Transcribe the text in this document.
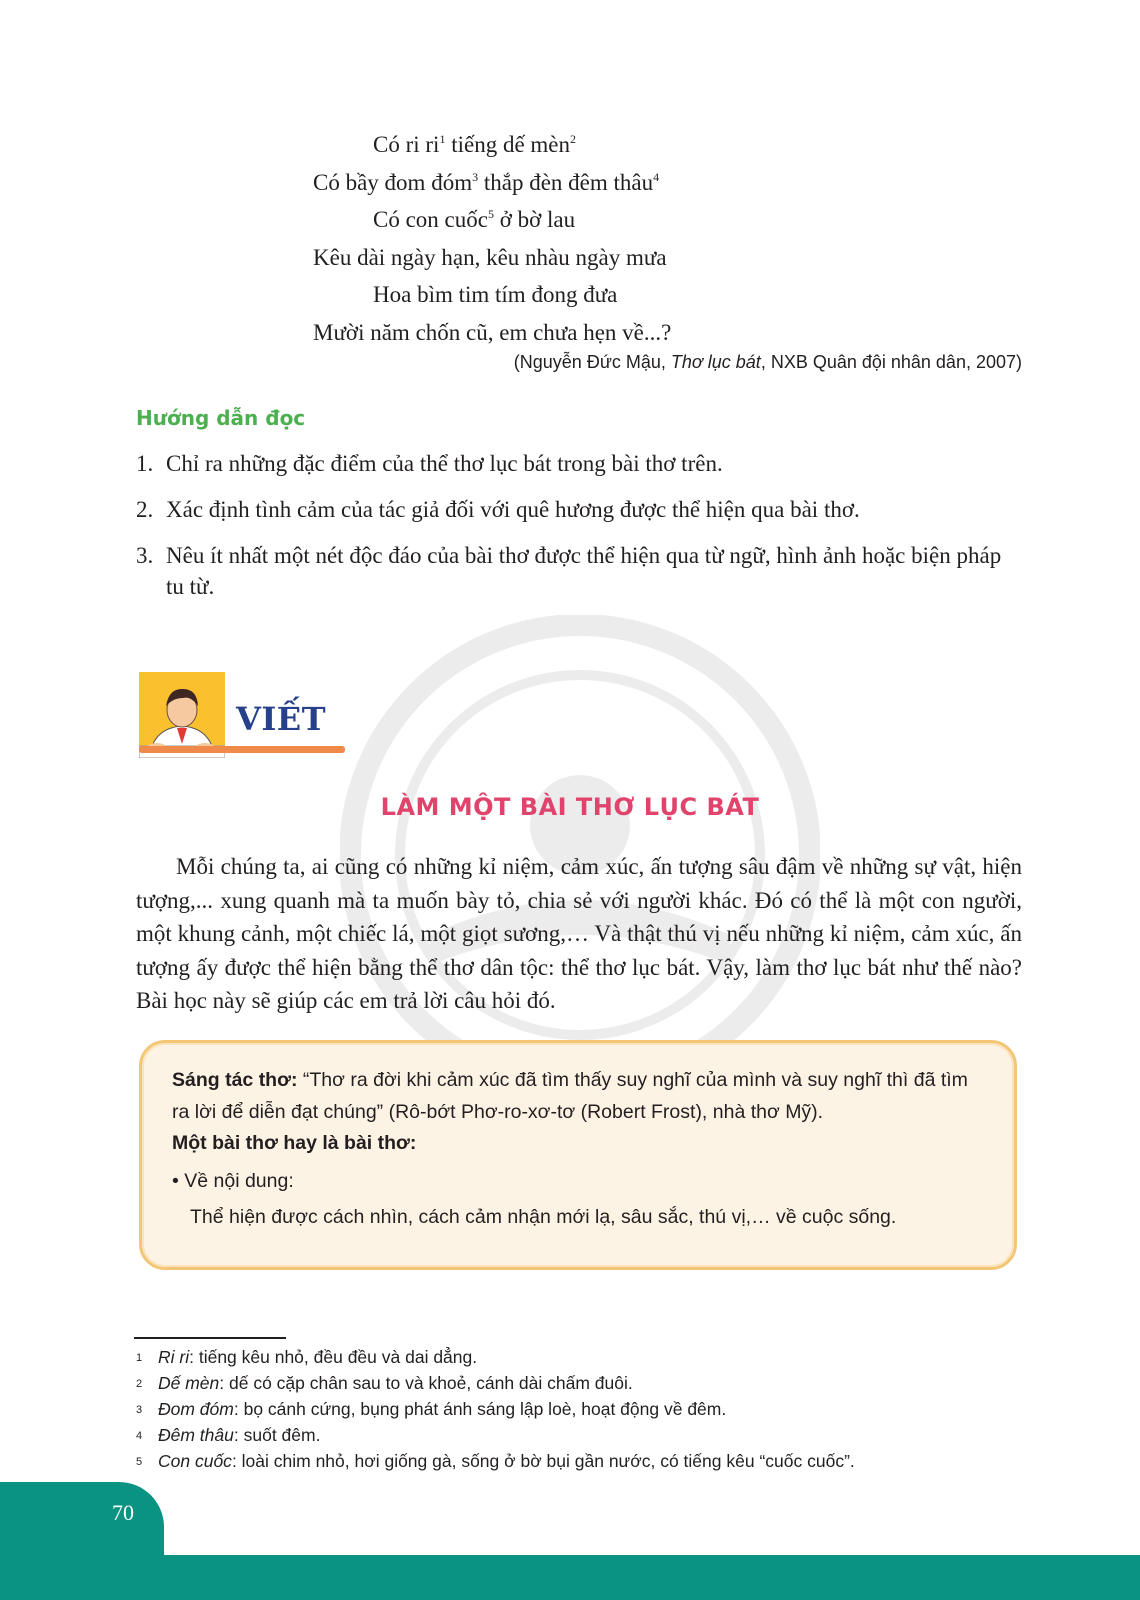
Có ri $ri^1$ tiếng dế mèn$^2$
Có bầy đom đóm$^3$ thắp đèn đêm thâu$^4$
Có con cuốc$^5$ ở bờ lau
Kêu dài ngày hạn, kêu nhàu ngày mưa
Hoa bìm tim tím đong đưa
Mười năm chốn cũ, em chưa hẹn về...?
(Nguyễn Đức Mậu, Thơ lục bát, NXB Quân đội nhân dân, 2007)
Hướng dẫn đọc
1. Chỉ ra những đặc điểm của thể thơ lục bát trong bài thơ trên.
2. Xác định tình cảm của tác giả đối với quê hương được thể hiện qua bài thơ.
3. Nêu ít nhất một nét độc đáo của bài thơ được thể hiện qua từ ngữ, hình ảnh hoặc biện pháp tu từ.
VIẾT
LÀM MỘT BÀI THƠ LỤC BÁT

Mỗi chúng ta, ai cũng có những kỉ niệm, cảm xúc, ấn tượng sâu đậm về những sự vật, hiện tượng,... xung quanh mà ta muốn bày tỏ, chia sẻ với người khác. Đó có thể là một con người, một khung cảnh, một chiếc lá, một giọt sương,… Và thật thú vị nếu những kỉ niệm, cảm xúc, ấn tượng ấy được thể hiện bằng thể thơ dân tộc: thể thơ lục bát. Vậy, làm thơ lục bát như thế nào? Bài học này sẽ giúp các em trả lời câu hỏi đó.

Sáng tác thơ: “Thơ ra đời khi cảm xúc đã tìm thấy suy nghĩ của mình và suy nghĩ thì đã tìm ra lời để diễn đạt chúng” (Rô-bớt Phơ-ro-xơ-tơ (Robert Frost), nhà thơ Mỹ).
Một bài thơ hay là bài thơ:
• Về nội dung:
Thể hiện được cách nhìn, cách cảm nhận mới lạ, sâu sắc, thú vị,… về cuộc sống.
1 Ri ri : tiếng kêu nhỏ, đều đều và dai dẳng.
2 Dế mèn : dế có cặp chân sau to và khoẻ, cánh dài chấm đuôi.
3 Đom đóm : bọ cánh cứng, bụng phát ánh sáng lập loè, hoạt động về đêm.
4 Đêm thâu : suốt đêm.
5 Con cuốc : loài chim nhỏ, hơi giống gà, sống ở bờ bụi gần nước, có tiếng kêu “cuốc cuốc”.
70
